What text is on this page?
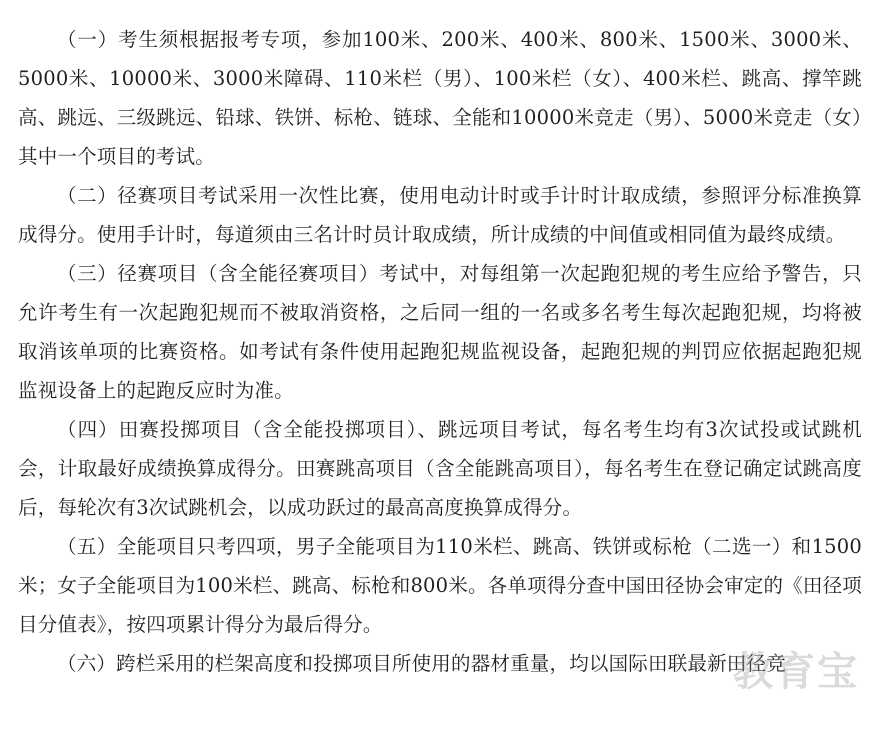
（一）考生须根据报考专项，参加100米、200米、400米、800米、1500米、3000米、5000米、10000米、3000米障碍、110米栏（男）、100米栏（女）、400米栏、跳高、撑竿跳高、跳远、三级跳远、铅球、铁饼、标枪、链球、全能和10000米竞走（男）、5000米竞走（女）其中一个项目的考试。

（二）径赛项目考试采用一次性比赛，使用电动计时或手计时计取成绩，参照评分标准换算成得分。使用手计时，每道须由三名计时员计取成绩，所计成绩的中间值或相同值为最终成绩。

（三）径赛项目（含全能径赛项目）考试中，对每组第一次起跑犯规的考生应给予警告，只允许考生有一次起跑犯规而不被取消资格，之后同一组的一名或多名考生每次起跑犯规，均将被取消该单项的比赛资格。如考试有条件使用起跑犯规监视设备，起跑犯规的判罚应依据起跑犯规监视设备上的起跑反应时为准。

（四）田赛投掷项目（含全能投掷项目）、跳远项目考试，每名考生均有3次试投或试跳机会，计取最好成绩换算成得分。田赛跳高项目（含全能跳高项目），每名考生在登记确定试跳高度后，每轮次有3次试跳机会，以成功跃过的最高高度换算成得分。

（五）全能项目只考四项，男子全能项目为110米栏、跳高、铁饼或标枪（二选一）和1500米；女子全能项目为100米栏、跳高、标枪和800米。各单项得分查中国田径协会审定的《田径项目分值表》，按四项累计得分为最后得分。

（六）跨栏采用的栏架高度和投掷项目所使用的器材重量，均以国际田联最新田径竞

教育宝
